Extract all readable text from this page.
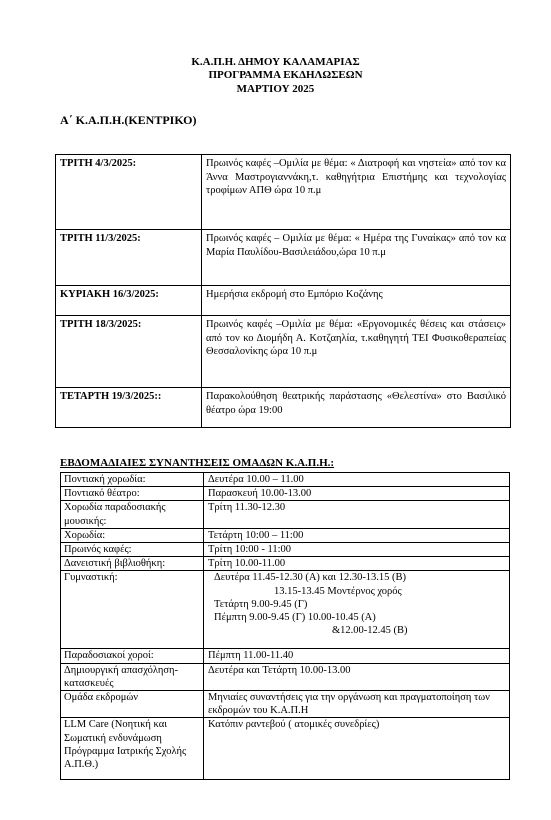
Κ.Α.Π.Η. ΔΗΜΟΥ ΚΑΛΑΜΑΡΙΑΣ
ΠΡΟΓΡΑΜΜΑ ΕΚΔΗΛΩΣΕΩΝ
ΜΑΡΤΙΟΥ 2025
Α΄ Κ.Α.Π.Η.(ΚΕΝΤΡΙΚΟ)
ΤΡΙΤΗ 4/3/2025:	Πρωινός καφές –Ομιλία με θέμα: « Διατροφή και νηστεία» από τον κα Άννα Μαστρογιαννάκη,τ. καθηγήτρια Επιστήμης και τεχνολογίας τροφίμων ΑΠΘ ώρα 10 π.μ
ΤΡΙΤΗ 11/3/2025:	Πρωινός καφές – Ομιλία με θέμα: « Ημέρα της Γυναίκας» από τον κα Μαρία Παυλίδου-Βασιλειάδου,ώρα 10 π.μ
ΚΥΡΙΑΚΗ 16/3/2025:	Ημερήσια εκδρομή στο Εμπόριο Κοζάνης
ΤΡΙΤΗ 18/3/2025:	Πρωινός καφές –Ομιλία με θέμα: «Εργονομικές θέσεις και στάσεις» από τον κο Διομήδη Α. Κοτζαηλία, τ.καθηγητή ΤΕΙ Φυσικοθεραπείας Θεσσαλονίκης ώρα 10 π.μ
ΤΕΤΑΡΤΗ 19/3/2025::	Παρακολούθηση θεατρικής παράστασης «Θελεστίνα» στο Βασιλικό θέατρο ώρα 19:00
ΕΒΔΟΜΑΔΙΑΙΕΣ ΣΥΝΑΝΤΗΣΕΙΣ ΟΜΑΔΩΝ Κ.Α.Π.Η.:
Ποντιακή χορωδία:	Δευτέρα 10.00 – 11.00

Ποντιακό θέατρο:	Παρασκευή 10.00-13.00

Χορωδία παραδοσιακής μουσικής:	Τρίτη 11.30-12.30

Χορωδία:	Τετάρτη 10:00 – 11:00

Πρωινός καφές:	Τρίτη 10:00 - 11:00

Δανειστική βιβλιοθήκη:	Τρίτη 10.00-11.00

Γυμναστική:	Δευτέρα 11.45-12.30 (Α) και 12.30-13.15 (Β)
13.15-13.45 Μοντέρνος χορός
Τετάρτη 9.00-9.45 (Γ)
Πέμπτη 9.00-9.45 (Γ) 10.00-10.45 (Α)
&12.00-12.45 (Β)

Παραδοσιακοί χοροί:	Πέμπτη 11.00-11.40

Δημιουργική απασχόληση-κατασκευές	Δευτέρα και Τετάρτη 10.00-13.00

Ομάδα εκδρομών	Μηνιαίες συναντήσεις για την οργάνωση και πραγματοποίηση των εκδρομών του Κ.Α.Π.Η

LLM Care (Νοητική και Σωματική ενδυνάμωση Πρόγραμμα Ιατρικής Σχολής Α.Π.Θ.)	Κατόπιν ραντεβού ( ατομικές συνεδρίες)
